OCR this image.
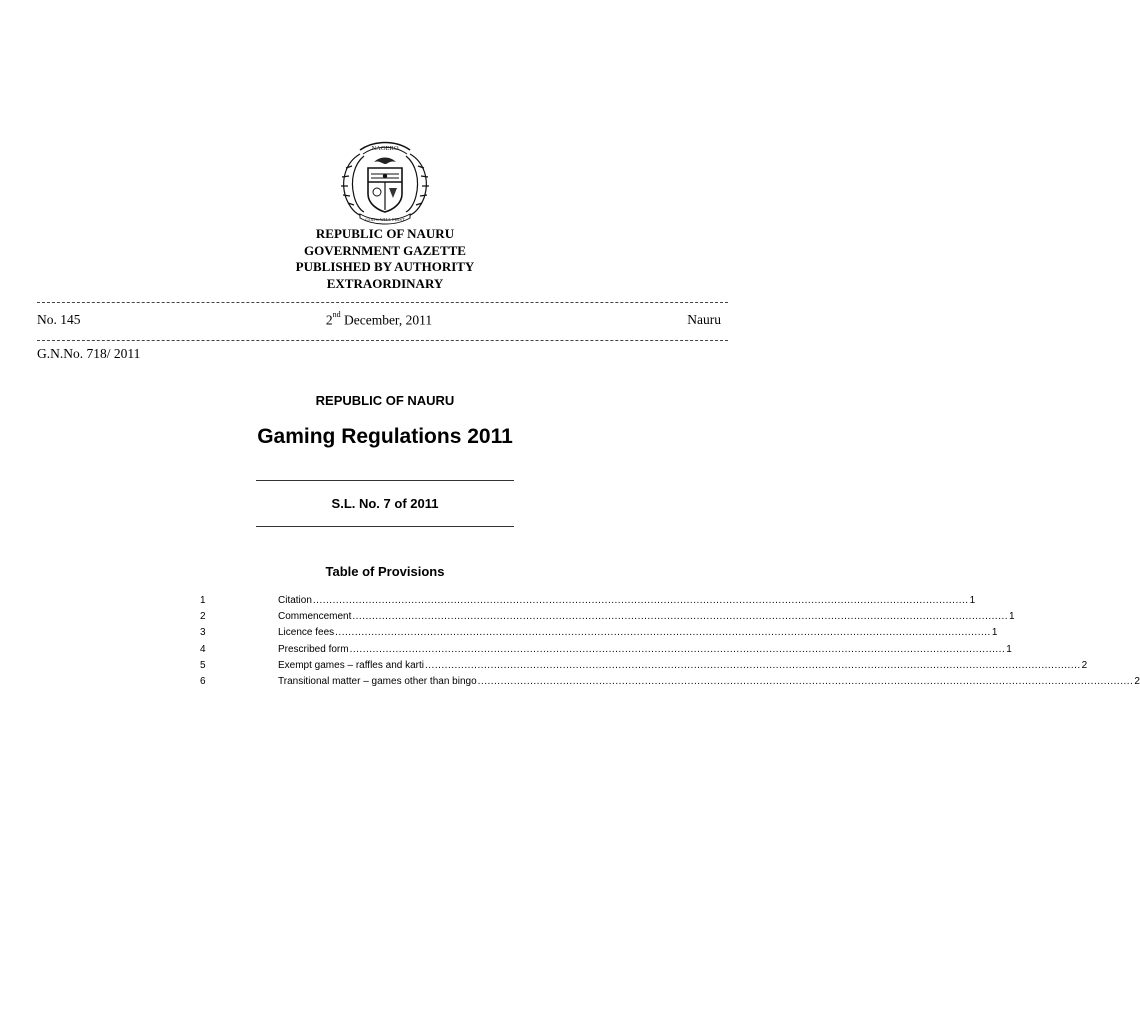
NAOERO
GOD'S WILL FIRST
REPUBLIC OF NAURU
GOVERNMENT GAZETTE
PUBLISHED BY AUTHORITY
EXTRAORDINARY
No. 145	2nd December, 2011	Nauru
G.N.No. 718/ 2011
REPUBLIC OF NAURU
Gaming Regulations 2011
S.L. No. 7 of 2011
Table of Provisions
1	Citation ........................................................................................................................................................................................................ 1
2	Commencement ........................................................................................................................................................................................................ 1
3	Licence fees ........................................................................................................................................................................................................ 1
4	Prescribed form ........................................................................................................................................................................................................ 1
5	Exempt games – raffles and karti ........................................................................................................................................................................................................ 2
6	Transitional matter – games other than bingo ........................................................................................................................................................................................................ 2
